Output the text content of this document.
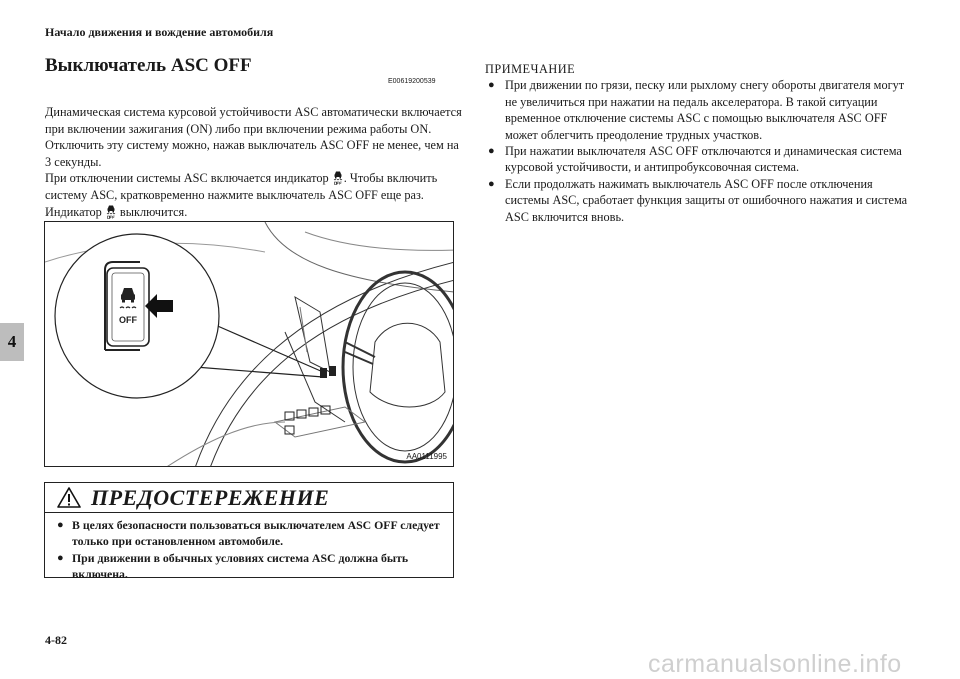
Начало движения и вождение автомобиля
4
Выключатель ASC OFF
E00619200539

Динамическая система курсовой устойчивости ASC автоматически включается при включении зажигания (ON) либо при включении режима работы ON. Отключить эту систему можно, нажав выключатель ASC OFF не менее, чем на 3 секунды.

При отключении системы ASC включается индикатор . Чтобы включить систему ASC, кратковременно нажмите выключатель ASC OFF еще раз. Индикатор выключится.

OFF
AA0111995
ПРЕДОСТЕРЕЖЕНИЕ
● В целях безопасности пользоваться выключателем ASC OFF следует только при остановленном автомобиле.
● При движении в обычных условиях система ASC должна быть включена.
ПРИМЕЧАНИЕ
● При движении по грязи, песку или рыхлому снегу обороты двигателя могут не увеличиться при нажатии на педаль акселератора. В такой ситуации временное отключение системы ASC с помощью выключателя ASC OFF может облегчить преодоление трудных участков.
● При нажатии выключателя ASC OFF отключаются и динамическая система курсовой устойчивости, и антипробуксовочная система.
● Если продолжать нажимать выключатель ASC OFF после отключения системы ASC, сработает функция защиты от ошибочного нажатия и система ASC включится вновь.
4-82
carmanualsonline.info
